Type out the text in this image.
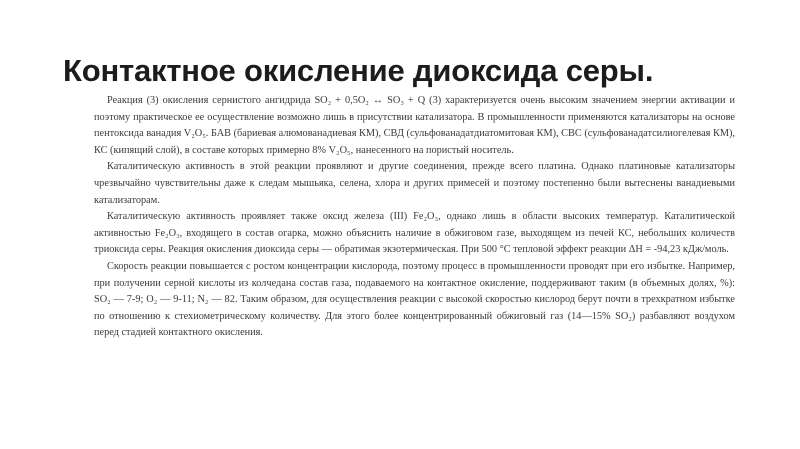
Контактное окисление диоксида серы.

Реакция (3) окисления сернистого ангидрида SO₂ + 0,5O₂ ↔ SO₃ + Q (3) характеризуется очень высоким значением энергии активации и поэтому практическое ее осуществление возможно лишь в присутствии катализатора. В промышленности применяются катализаторы на основе пентоксида ванадия V₂O₅. БАВ (бариевая алюмованадиевая КМ), СВД (сульфованадатдиатомитовая КМ), СВС (сульфованадатсилиогелевая КМ), КС (кипящий слой), в составе которых примерно 8% V₂O₅, нанесенного на пористый носитель.

Каталитическую активность в этой реакции проявляют и другие соединения, прежде всего платина. Однако платиновые катализаторы чрезвычайно чувствительны даже к следам мышьяка, селена, хлора и других примесей и поэтому постепенно были вытеснены ванадиевыми катализаторам.

Каталитическую активность проявляет также оксид железа (III) Fe₂O₃, однако лишь в области высоких температур. Каталитической активностью Fe₂O₃, входящего в состав огарка, можно объяснить наличие в обжиговом газе, выходящем из печей КС, небольших количеств триоксида серы. Реакция окисления диоксида серы — обратимая экзотермическая. При 500 °С тепловой эффект реакции ΔН = -94,23 кДж/моль.

Скорость реакции повышается с ростом концентрации кислорода, поэтому процесс в промышленности проводят при его избытке. Например, при получении серной кислоты из колчедана состав газа, подаваемого на контактное окисление, поддерживают таким (в объемных долях, %): SO₂ — 7-9; O₂ — 9-11; N₂ — 82. Таким образом, для осуществления реакции с высокой скоростью кислород берут почти в трехкратном избытке по отношению к стехиометрическому количеству. Для этого более концентрированный обжиговый газ (14—15% SO₂) разбавляют воздухом перед стадией контактного окисления.
